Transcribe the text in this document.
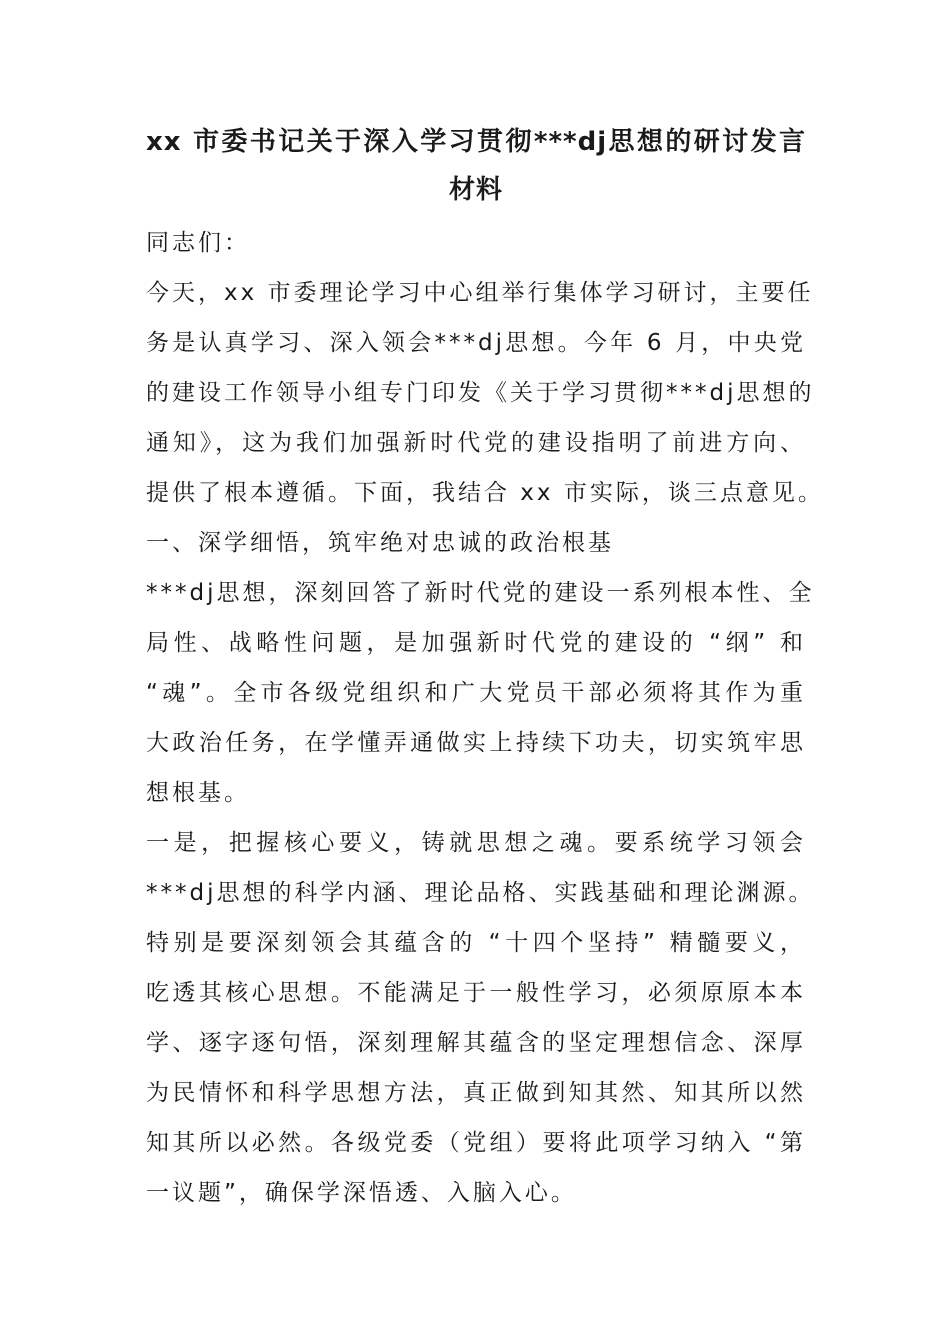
xx 市委书记关于深入学习贯彻***dj思想的研讨发言
材料
同志们：
今天，xx 市委理论学习中心组举行集体学习研讨，主要任
务是认真学习、深入领会***dj思想。今年 6 月，中央党
的建设工作领导小组专门印发《关于学习贯彻***dj思想的
通知》，这为我们加强新时代党的建设指明了前进方向、
提供了根本遵循。下面，我结合 xx 市实际，谈三点意见。
一、深学细悟，筑牢绝对忠诚的政治根基
***dj思想，深刻回答了新时代党的建设一系列根本性、全
局性、战略性问题，是加强新时代党的建设的 “纲” 和
“魂”。全市各级党组织和广大党员干部必须将其作为重
大政治任务，在学懂弄通做实上持续下功夫，切实筑牢思
想根基。
一是，把握核心要义，铸就思想之魂。要系统学习领会
***dj思想的科学内涵、理论品格、实践基础和理论渊源。
特别是要深刻领会其蕴含的 “十四个坚持” 精髓要义，
吃透其核心思想。不能满足于一般性学习，必须原原本本
学、逐字逐句悟，深刻理解其蕴含的坚定理想信念、深厚
为民情怀和科学思想方法，真正做到知其然、知其所以然
知其所以必然。各级党委（党组）要将此项学习纳入 “第
一议题”，确保学深悟透、入脑入心。
